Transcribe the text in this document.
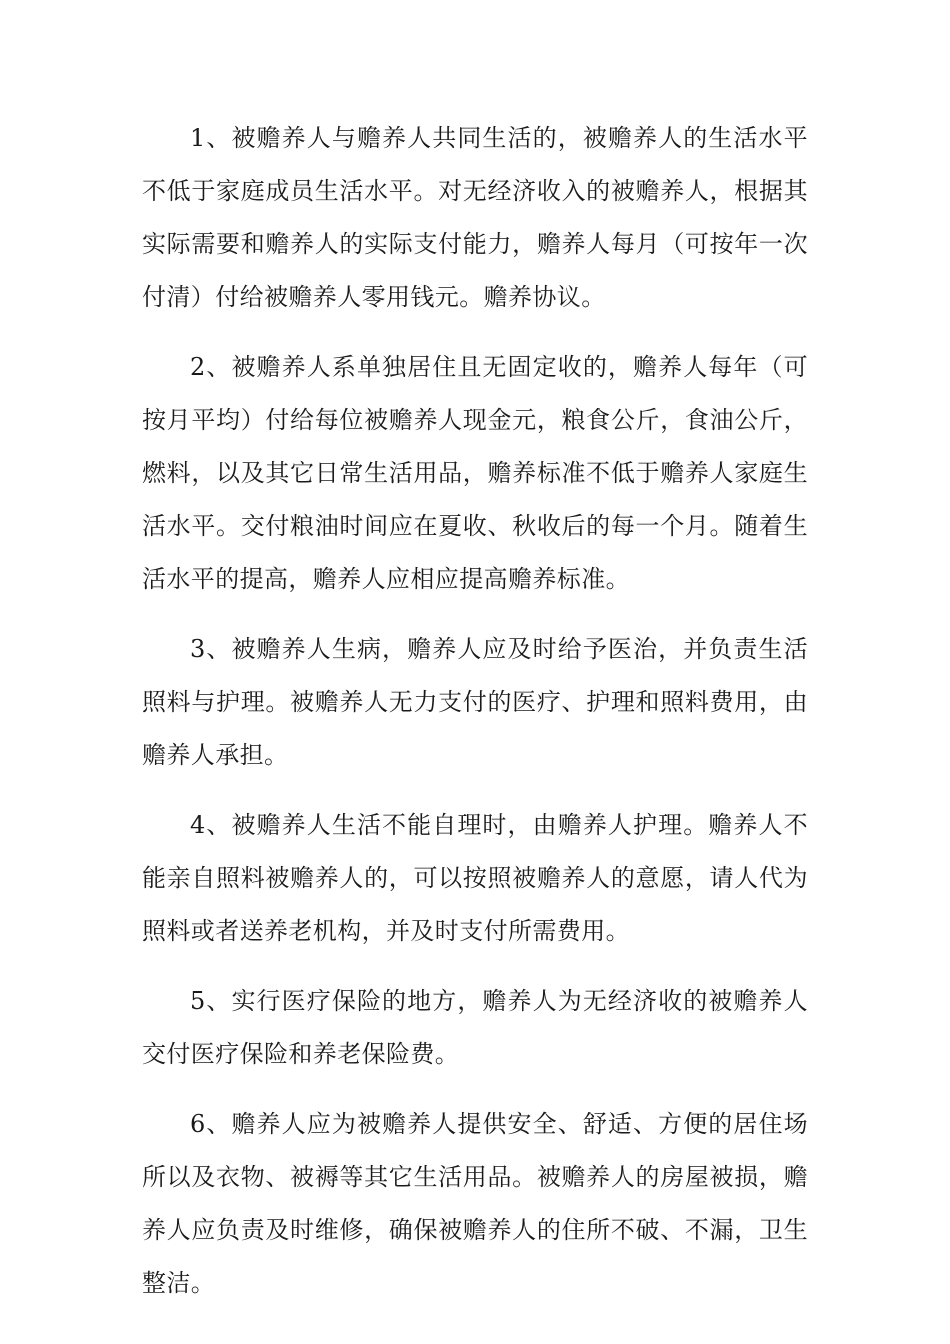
1、被赡养人与赡养人共同生活的，被赡养人的生活水平不低于家庭成员生活水平。对无经济收入的被赡养人，根据其实际需要和赡养人的实际支付能力，赡养人每月（可按年一次付清）付给被赡养人零用钱元。赡养协议。

2、被赡养人系单独居住且无固定收的，赡养人每年（可按月平均）付给每位被赡养人现金元，粮食公斤，食油公斤，燃料，以及其它日常生活用品，赡养标准不低于赡养人家庭生活水平。交付粮油时间应在夏收、秋收后的每一个月。随着生活水平的提高，赡养人应相应提高赡养标准。

3、被赡养人生病，赡养人应及时给予医治，并负责生活照料与护理。被赡养人无力支付的医疗、护理和照料费用，由赡养人承担。

4、被赡养人生活不能自理时，由赡养人护理。赡养人不能亲自照料被赡养人的，可以按照被赡养人的意愿，请人代为照料或者送养老机构，并及时支付所需费用。

5、实行医疗保险的地方，赡养人为无经济收的被赡养人交付医疗保险和养老保险费。

6、赡养人应为被赡养人提供安全、舒适、方便的居住场所以及衣物、被褥等其它生活用品。被赡养人的房屋被损，赡养人应负责及时维修，确保被赡养人的住所不破、不漏，卫生整洁。
